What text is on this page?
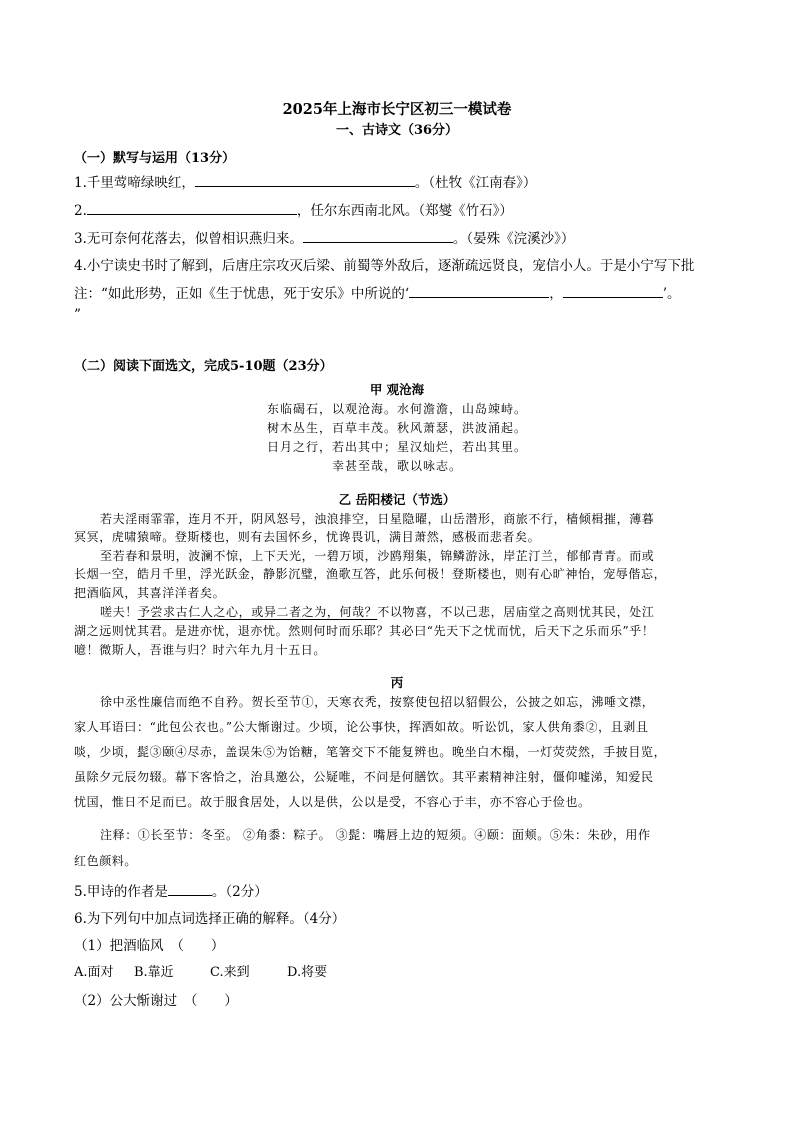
2025年上海市长宁区初三一模试卷
一、古诗文（36分）
（一）默写与运用（13分）
1.千里莺啼绿映红，	。（杜牧《江南春》）
2.	，任尔东西南北风。（郑燮《竹石》）
3.无可奈何花落去，似曾相识燕归来。	。（晏殊《浣溪沙》）
4.小宁读史书时了解到，后唐庄宗攻灭后梁、前蜀等外敌后，逐渐疏远贤良，宠信小人。于是小宁写下批
注：“如此形势，正如《生于忧患，死于安乐》中所说的‘	，	’。
”
（二）阅读下面选文，完成5-10题（23分）
甲 观沧海
东临碣石，以观沧海。水何澹澹，山岛竦峙。
树木丛生，百草丰茂。秋风萧瑟，洪波涌起。
日月之行，若出其中；星汉灿烂，若出其里。
幸甚至哉，歌以咏志。
乙 岳阳楼记（节选）
若夫淫雨霏霏，连月不开，阴风怒号，浊浪排空，日星隐曜，山岳潜形，商旅不行，樯倾楫摧，薄暮
冥冥，虎啸猿啼。登斯楼也，则有去国怀乡，忧谗畏讥，满目萧然，感极而悲者矣。
至若春和景明，波澜不惊，上下天光，一碧万顷，沙鸥翔集，锦鳞游泳，岸芷汀兰，郁郁青青。而或
长烟一空，皓月千里，浮光跃金，静影沉璧，渔歌互答，此乐何极！登斯楼也，则有心旷神怡，宠辱偕忘，
把酒临风，其喜洋洋者矣。
嗟夫！予尝求古仁人之心，或异二者之为，何哉？不以物喜，不以己悲，居庙堂之高则忧其民，处江
湖之远则忧其君。是进亦忧，退亦忧。然则何时而乐耶？其必曰“先天下之忧而忧，后天下之乐而乐”乎！
噫！微斯人，吾谁与归？时六年九月十五日。
丙
徐中丞性廉信而绝不自矜。贺长至节①，天寒衣秃，按察使包招以貂假公，公披之如忘，沸唾文襟，
家人耳语曰：“此包公衣也。”公大惭谢过。少顷，论公事快，挥洒如故。听讼饥，家人供角黍②，且剥且
啖，少顷，髭③颐④尽赤，盖误朱⑤为饴糖，笔箸交下不能复辨也。晚坐白木榻，一灯荧荧然，手披目览，
虽除夕元辰勿辍。幕下客恰之，治具邀公，公疑唯，不问是何膳饮。其平素精神注射，僵仰嘘涕，知爱民
忧国，惟日不足而已。故于服食居处，人以是供，公以是受，不容心于丰，亦不容心于俭也。
注释：①长至节：冬至。 ②角黍：粽子。 ③髭：嘴唇上边的短须。④颐：面颊。⑤朱：朱砂，用作
红色颜料。
5.甲诗的作者是	。（2分）
6.为下列句中加点词选择正确的解释。（4分）
（1）把酒临风　（　　）
A.面对 B.靠近	C.来到	D.将要
（2）公大惭谢过　（　　）
